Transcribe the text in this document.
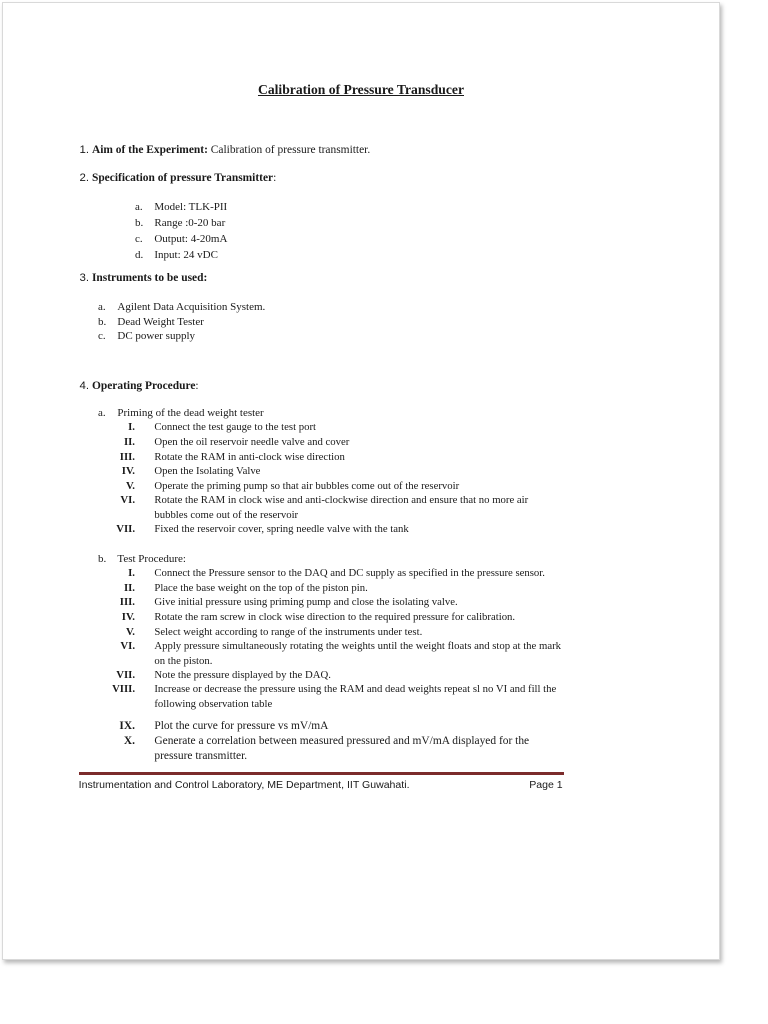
Calibration of Pressure Transducer
1. Aim of the Experiment: Calibration of pressure transmitter.
2. Specification of pressure Transmitter:
a. Model: TLK-PII
b. Range :0-20 bar
c. Output: 4-20mA
d. Input: 24 vDC
3. Instruments to be used:
a. Agilent Data Acquisition System.
b. Dead Weight Tester
c. DC power supply
4. Operating Procedure:
a. Priming of the dead weight tester
I. Connect the test gauge to the test port
II. Open the oil reservoir needle valve and cover
III. Rotate the RAM in anti-clock wise direction
IV. Open the Isolating Valve
V. Operate the priming pump so that air bubbles come out of the reservoir
VI. Rotate the RAM in clock wise and anti-clockwise direction and ensure that no more air bubbles come out of the reservoir
VII. Fixed the reservoir cover, spring needle valve with the tank
b. Test Procedure:
I. Connect the Pressure sensor to the DAQ and DC supply as specified in the pressure sensor.
II. Place the base weight on the top of the piston pin.
III. Give initial pressure using priming pump and close the isolating valve.
IV. Rotate the ram screw in clock wise direction to the required pressure for calibration.
V. Select weight according to range of the instruments under test.
VI. Apply pressure simultaneously rotating the weights until the weight floats and stop at the mark on the piston.
VII. Note the pressure displayed by the DAQ.
VIII. Increase or decrease the pressure using the RAM and dead weights repeat sl no VI and fill the following observation table
IX. Plot the curve for pressure vs mV/mA
X. Generate a correlation between measured pressured and mV/mA displayed for the pressure transmitter.
Instrumentation and Control Laboratory, ME Department, IIT Guwahati.	Page 1
